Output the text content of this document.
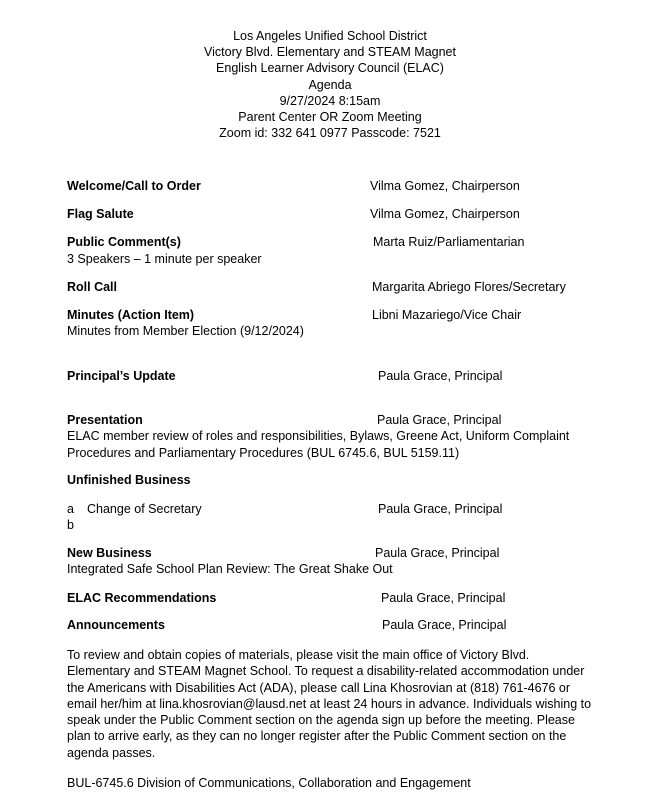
Los Angeles Unified School District
Victory Blvd. Elementary and STEAM Magnet
English Learner Advisory Council (ELAC)
Agenda
9/27/2024 8:15am
Parent Center OR Zoom Meeting
Zoom id: 332 641 0977 Passcode: 7521
Welcome/Call to Order	Vilma Gomez, Chairperson
Flag Salute	Vilma Gomez, Chairperson
Public Comment(s)	Marta Ruiz/Parliamentarian
3 Speakers – 1 minute per speaker
Roll Call	Margarita Abriego Flores/Secretary
Minutes (Action Item)	Libni Mazariego/Vice Chair
Minutes from Member Election (9/12/2024)
Principal’s Update	Paula Grace, Principal
Presentation	Paula Grace, Principal
ELAC member review of roles and responsibilities, Bylaws, Greene Act, Uniform Complaint Procedures and Parliamentary Procedures (BUL 6745.6, BUL 5159.11)
Unfinished Business
a Change of Secretary	Paula Grace, Principal
b
New Business	Paula Grace, Principal
Integrated Safe School Plan Review: The Great Shake Out
ELAC Recommendations	Paula Grace, Principal
Announcements	Paula Grace, Principal
To review and obtain copies of materials, please visit the main office of Victory Blvd. Elementary and STEAM Magnet School. To request a disability-related accommodation under the Americans with Disabilities Act (ADA), please call Lina Khosrovian at (818) 761-4676 or email her/him at lina.khosrovian@lausd.net at least 24 hours in advance. Individuals wishing to speak under the Public Comment section on the agenda sign up before the meeting. Please plan to arrive early, as they can no longer register after the Public Comment section on the agenda passes.
BUL-6745.6 Division of Communications, Collaboration and Engagement
